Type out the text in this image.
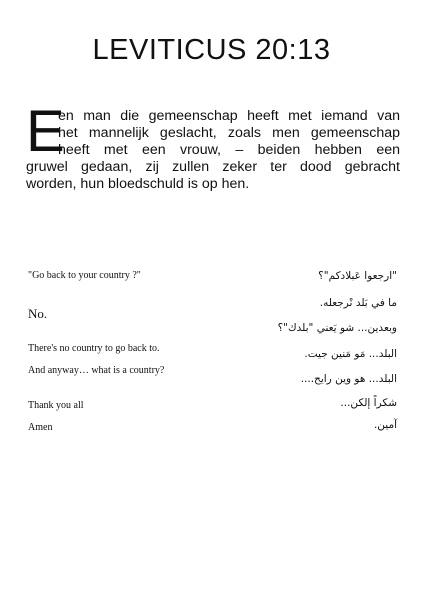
LEVITICUS 20:13
E
en man die gemeenschap heeft met iemand van
het mannelijk geslacht, zoals men gemeenschap
heeft met een vrouw, – beiden hebben een
gruwel gedaan, zij zullen zeker ter dood gebracht
worden, hun bloedschuld is op hen.
"Go back to your country ?"
No.
There's no country to go back to.
And anyway… what is a country?
Thank you all
Amen
"ارجعوا عَبلادكم"؟
ما في بَلد نْرجعله.
وبعدين... شو يَعني "بلدك"؟
البلد... مَو مَنين جيت.
البلد... هو وين رايح....
شكراً إلكن...
آمين.
